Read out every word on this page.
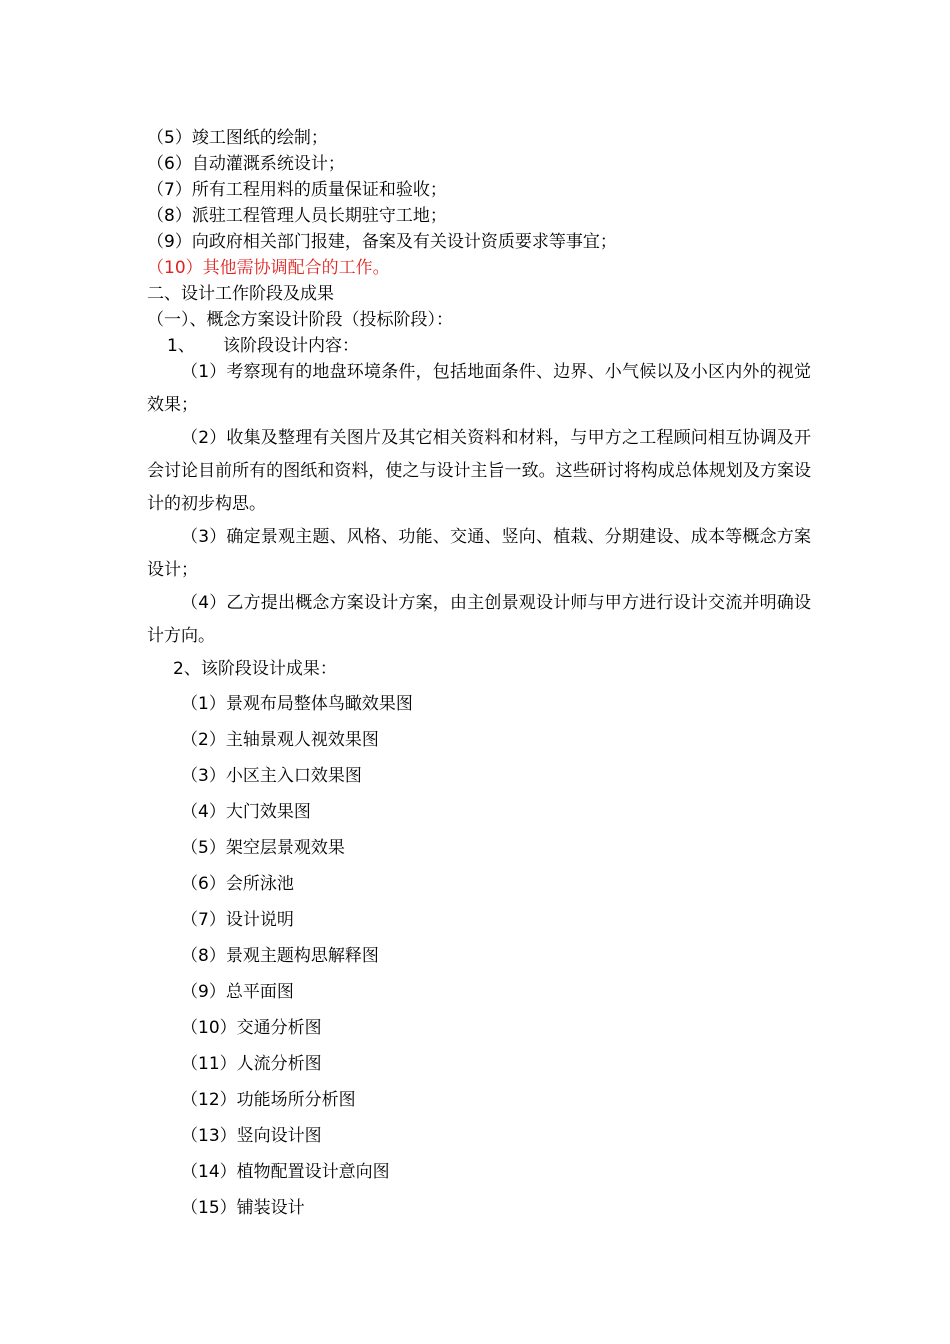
（5）竣工图纸的绘制；
（6）自动灌溉系统设计；
（7）所有工程用料的质量保证和验收；
（8）派驻工程管理人员长期驻守工地；
（9）向政府相关部门报建，备案及有关设计资质要求等事宜；
（10）其他需协调配合的工作。
二、设计工作阶段及成果
（一）、概念方案设计阶段（投标阶段）：
1、 该阶段设计内容：

（1）考察现有的地盘环境条件，包括地面条件、边界、小气候以及小区内外的视觉效果；

（2）收集及整理有关图片及其它相关资料和材料，与甲方之工程顾问相互协调及开会讨论目前所有的图纸和资料，使之与设计主旨一致。这些研讨将构成总体规划及方案设计的初步构思。

（3）确定景观主题、风格、功能、交通、竖向、植栽、分期建设、成本等概念方案设计；

（4）乙方提出概念方案设计方案，由主创景观设计师与甲方进行设计交流并明确设计方向。

2、该阶段设计成果：
（1）景观布局整体鸟瞰效果图
（2）主轴景观人视效果图
（3）小区主入口效果图
（4）大门效果图
（5）架空层景观效果
（6）会所泳池
（7）设计说明
（8）景观主题构思解释图
（9）总平面图
（10）交通分析图
（11）人流分析图
（12）功能场所分析图
（13）竖向设计图
（14）植物配置设计意向图
（15）铺装设计
